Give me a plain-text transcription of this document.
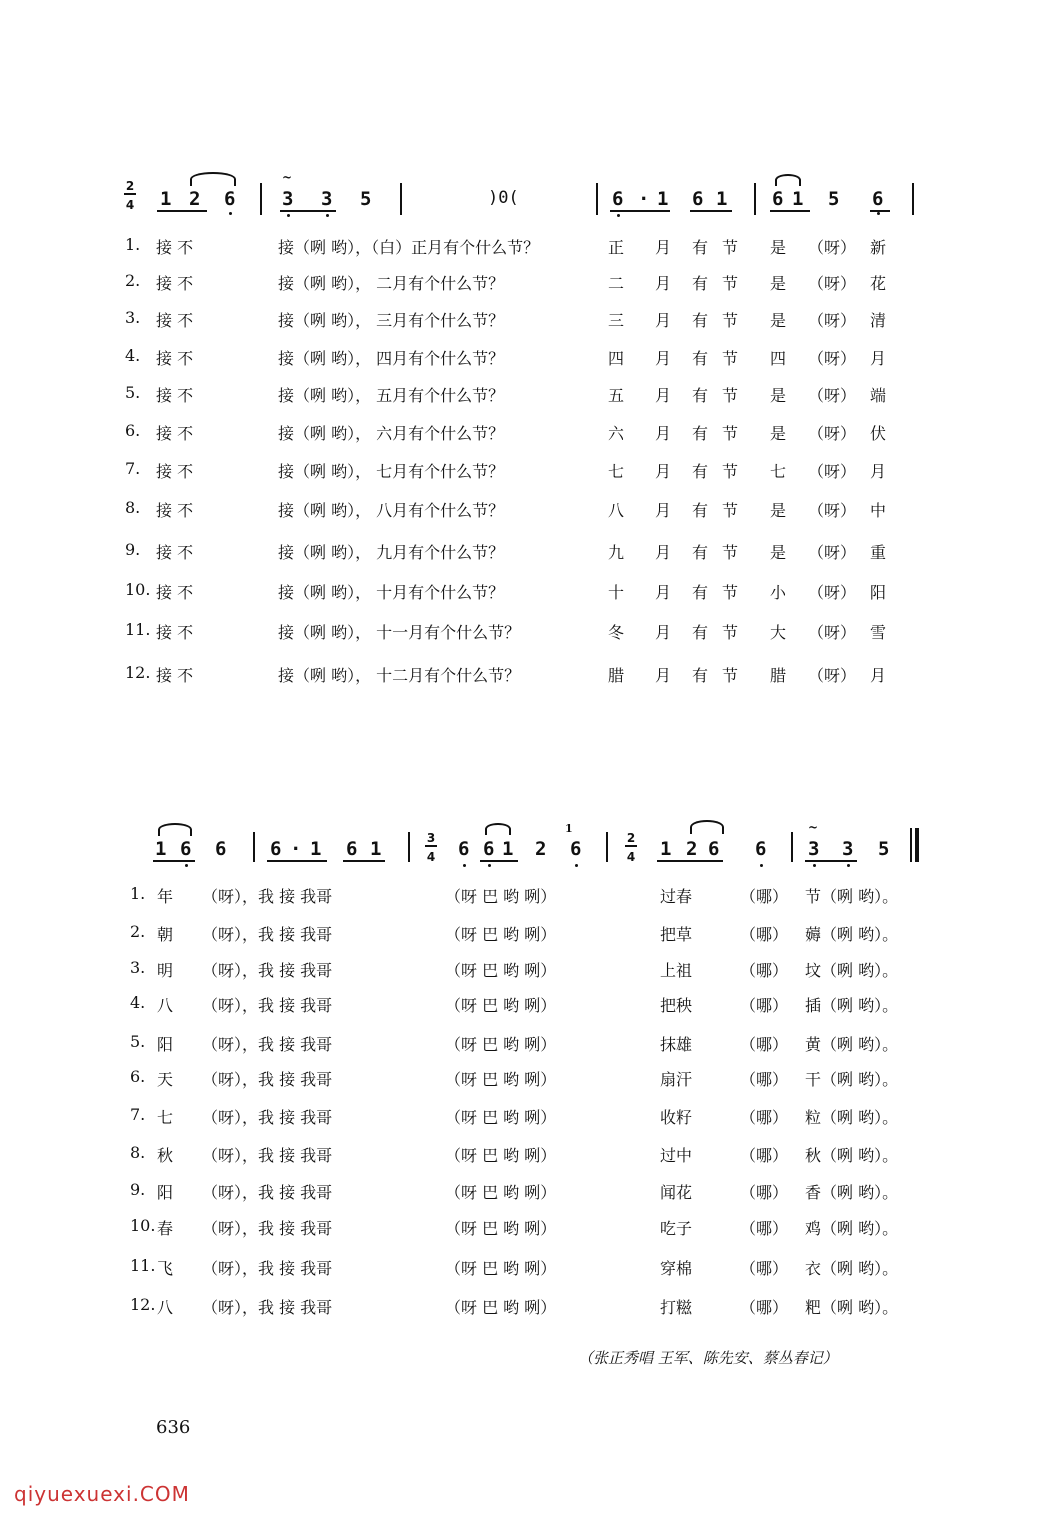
2
4 1 2 6
~
3 3 5	)0(	6 · 1 6 1 6 1 5 6
1. 接 不	接（咧 哟），（白）正月有个什么节？	正 月 有 节 是 （呀） 新
2. 接 不	接（咧 哟）， 二月有个什么节？	二 月 有 节 是 （呀） 花
3. 接 不	接（咧 哟）， 三月有个什么节？	三 月 有 节 是 （呀） 清
4. 接 不	接（咧 哟）， 四月有个什么节？	四 月 有 节 四 （呀） 月
5. 接 不	接（咧 哟）， 五月有个什么节？	五 月 有 节 是 （呀） 端
6. 接 不	接（咧 哟）， 六月有个什么节？	六 月 有 节 是 （呀） 伏
7. 接 不	接（咧 哟）， 七月有个什么节？	七 月 有 节 七 （呀） 月
8. 接 不	接（咧 哟）， 八月有个什么节？	八 月 有 节 是 （呀） 中
9. 接 不	接（咧 哟）， 九月有个什么节？	九 月 有 节 是 （呀） 重
10. 接 不	接（咧 哟）， 十月有个什么节？	十 月 有 节 小 （呀） 阳
11. 接 不	接（咧 哟）， 十一月有个什么节？	冬 月 有 节 大 （呀） 雪
12. 接 不	接（咧 哟）， 十二月有个什么节？	腊 月 有 节 腊 （呀） 月
1 6 6 6 · 1 6 1	3
4 6 6 1 2
1
6	2
4 1 2 6 6
~
3 3 5
1. 年 （呀），我 接 我哥	（呀 巴 哟 咧）	过春	（哪） 节（咧 哟）。
2. 朝 （呀），我 接 我哥	（呀 巴 哟 咧）	把草	（哪） 薅（咧 哟）。
3. 明 （呀），我 接 我哥	（呀 巴 哟 咧）	上祖	（哪） 坟（咧 哟）。
4. 八 （呀），我 接 我哥	（呀 巴 哟 咧）	把秧	（哪） 插（咧 哟）。
5. 阳 （呀），我 接 我哥	（呀 巴 哟 咧）	抹雄	（哪） 黄（咧 哟）。
6. 天 （呀），我 接 我哥	（呀 巴 哟 咧）	扇汗	（哪） 干（咧 哟）。
7. 七 （呀），我 接 我哥	（呀 巴 哟 咧）	收籽	（哪） 粒（咧 哟）。
8. 秋 （呀），我 接 我哥	（呀 巴 哟 咧）	过中	（哪） 秋（咧 哟）。
9. 阳 （呀），我 接 我哥	（呀 巴 哟 咧）	闻花	（哪） 香（咧 哟）。
10. 春 （呀），我 接 我哥	（呀 巴 哟 咧）	吃子	（哪） 鸡（咧 哟）。
11. 飞 （呀），我 接 我哥	（呀 巴 哟 咧）	穿棉	（哪） 衣（咧 哟）。
12. 八 （呀），我 接 我哥	（呀 巴 哟 咧）	打糍	（哪） 粑（咧 哟）。
（张正秀唱 王军、陈先安、蔡丛春记）
636
qiyuexuexi.COM
